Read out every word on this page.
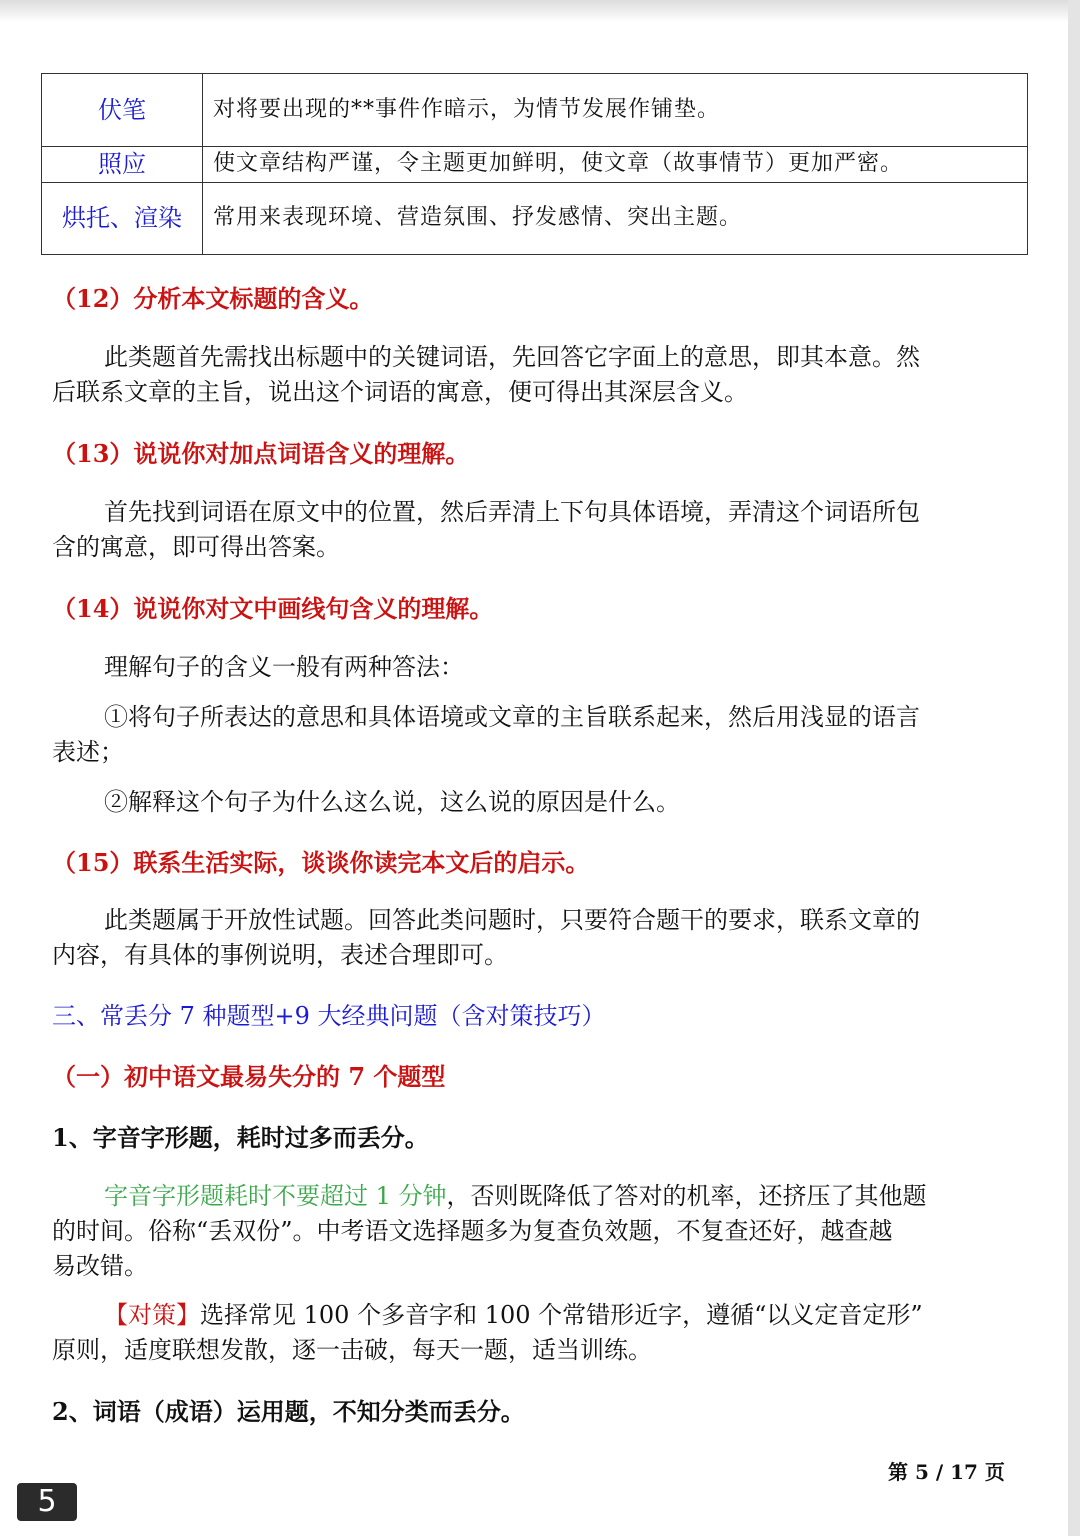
伏笔	对将要出现的**事件作暗示，为情节发展作铺垫。
照应	使文章结构严谨，令主题更加鲜明，使文章（故事情节）更加严密。
烘托、渲染	常用来表现环境、营造氛围、抒发感情、突出主题。
（12）分析本文标题的含义。
此类题首先需找出标题中的关键词语，先回答它字面上的意思，即其本意。然
后联系文章的主旨，说出这个词语的寓意，便可得出其深层含义。
（13）说说你对加点词语含义的理解。
首先找到词语在原文中的位置，然后弄清上下句具体语境，弄清这个词语所包
含的寓意，即可得出答案。
（14）说说你对文中画线句含义的理解。
理解句子的含义一般有两种答法：
①将句子所表达的意思和具体语境或文章的主旨联系起来，然后用浅显的语言
表述；
②解释这个句子为什么这么说，这么说的原因是什么。
（15）联系生活实际，谈谈你读完本文后的启示。
此类题属于开放性试题。回答此类问题时，只要符合题干的要求，联系文章的
内容，有具体的事例说明，表述合理即可。
三、常丢分 7 种题型+9 大经典问题（含对策技巧）
（一）初中语文最易失分的 7 个题型
1、字音字形题，耗时过多而丢分。
字音字形题耗时不要超过 1 分钟，否则既降低了答对的机率，还挤压了其他题
的时间。俗称“丢双份”。中考语文选择题多为复查负效题，不复查还好，越查越
易改错。
【对策】选择常见 100 个多音字和 100 个常错形近字，遵循“以义定音定形”
原则，适度联想发散，逐一击破，每天一题，适当训练。
2、词语（成语）运用题，不知分类而丢分。
第 5 / 17 页
5
